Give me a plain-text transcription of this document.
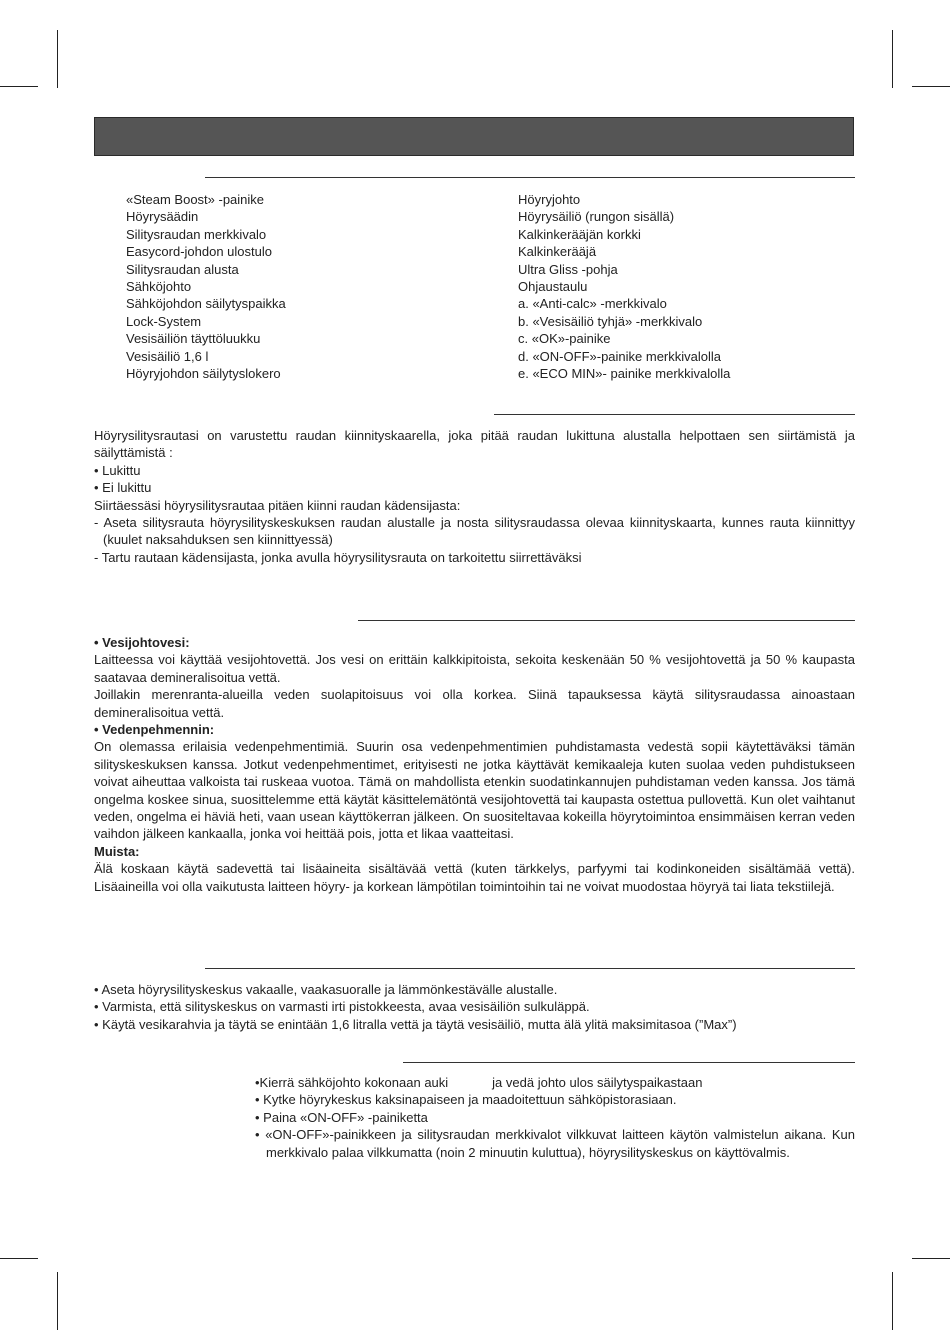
«Steam Boost» -painike
Höyrysäädin
Silitysraudan merkkivalo
Easycord-johdon ulostulo
Silitysraudan alusta
Sähköjohto
Sähköjohdon säilytyspaikka
Lock-System
Vesisäiliön täyttöluukku
Vesisäiliö 1,6 l
Höyryjohdon säilytyslokero
Höyryjohto
Höyrysäiliö (rungon sisällä)
Kalkinkerääjän korkki
Kalkinkerääjä
Ultra Gliss -pohja
Ohjaustaulu
a. «Anti-calc» -merkkivalo
b. «Vesisäiliö tyhjä» -merkkivalo
c. «OK»-painike
d. «ON-OFF»-painike merkkivalolla
e. «ECO MIN»- painike merkkivalolla

Höyrysilitysrautasi on varustettu raudan kiinnityskaarella, joka pitää raudan lukittuna alustalla helpottaen sen siirtämistä ja säilyttämistä :

• Lukittu

• Ei lukittu

Siirtäessäsi höyrysilitysrautaa pitäen kiinni raudan kädensijasta:

- Aseta silitysrauta höyrysilityskeskuksen raudan alustalle ja nosta silitysraudassa olevaa kiinnityskaarta, kunnes rauta kiinnittyy (kuulet naksahduksen sen kiinnittyessä)

- Tartu rautaan kädensijasta, jonka avulla höyrysilitysrauta on tarkoitettu siirrettäväksi

• Vesijohtovesi:

Laitteessa voi käyttää vesijohtovettä. Jos vesi on erittäin kalkkipitoista, sekoita keskenään 50 % vesijohtovettä ja 50 % kaupasta saatavaa demineralisoitua vettä.

Joillakin merenranta-alueilla veden suolapitoisuus voi olla korkea. Siinä tapauksessa käytä silitysraudassa ainoastaan demineralisoitua vettä.

• Vedenpehmennin:

On olemassa erilaisia vedenpehmentimiä. Suurin osa vedenpehmentimien puhdistamasta vedestä sopii käytettäväksi tämän silityskeskuksen kanssa. Jotkut vedenpehmentimet, erityisesti ne jotka käyttävät kemikaaleja kuten suolaa veden puhdistukseen voivat aiheuttaa valkoista tai ruskeaa vuotoa. Tämä on mahdollista etenkin suodatinkannujen puhdistaman veden kanssa. Jos tämä ongelma koskee sinua, suosittelemme että käytät käsittelemätöntä vesijohtovettä tai kaupasta ostettua pullovettä. Kun olet vaihtanut veden, ongelma ei häviä heti, vaan usean käyttökerran jälkeen. On suositeltavaa kokeilla höyrytoimintoa ensimmäisen kerran veden vaihdon jälkeen kankaalla, jonka voi heittää pois, jotta et likaa vaatteitasi.

Muista:

Älä koskaan käytä sadevettä tai lisäaineita sisältävää vettä (kuten tärkkelys, parfyymi tai kodinkoneiden sisältämää vettä). Lisäaineilla voi olla vaikutusta laitteen höyry- ja korkean lämpötilan toimintoihin tai ne voivat muodostaa höyryä tai liata tekstiilejä.

• Aseta höyrysilityskeskus vakaalle, vaakasuoralle ja lämmönkestävälle alustalle.

• Varmista, että silityskeskus on varmasti irti pistokkeesta, avaa vesisäiliön sulkuläppä.

• Käytä vesikarahvia ja täytä se enintään 1,6 litralla vettä ja täytä vesisäiliö, mutta älä ylitä maksimitasoa (”Max”)

•Kierrä sähköjohto kokonaan auki	ja vedä johto ulos säilytyspaikastaan

• Kytke höyrykeskus kaksinapaiseen ja maadoitettuun sähköpistorasiaan.

• Paina «ON-OFF» -painiketta

• «ON-OFF»-painikkeen ja silitysraudan merkkivalot vilkkuvat laitteen käytön valmistelun aikana. Kun merkkivalo palaa vilkkumatta (noin 2 minuutin kuluttua), höyrysilityskeskus on käyttövalmis.
